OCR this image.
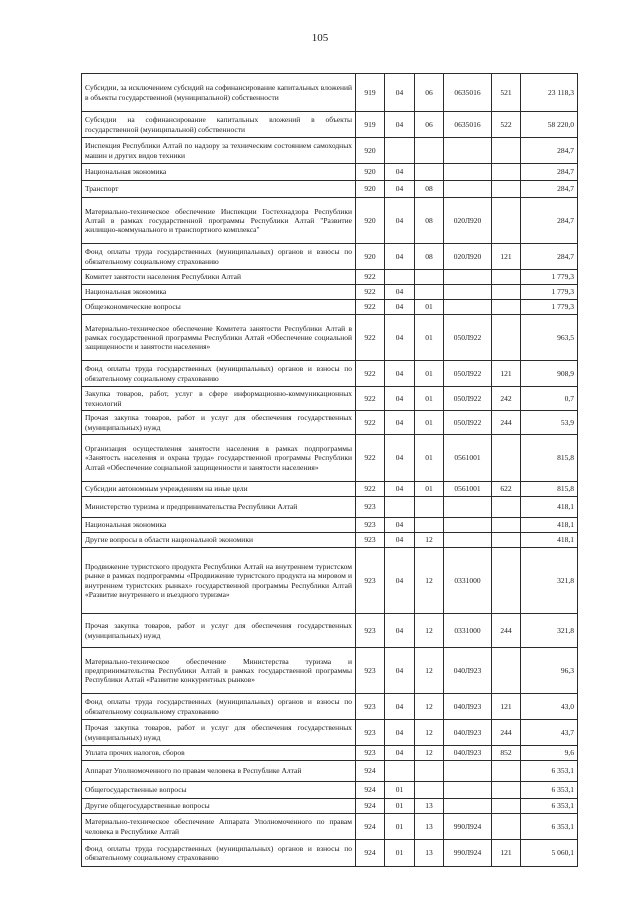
105
Субсидии, за исключением субсидий на софинансирование капитальных вложений в объекты государственной (муниципальной) собственности	919	04	06	0635016	521	23 118,3
Субсидии на софинансирование капитальных вложений в объекты государственной (муниципальной) собственности	919	04	06	0635016	522	58 220,0
Инспекция Республики Алтай по надзору за техническим состоянием самоходных машин и других видов техники	920					284,7
Национальная экономика	920	04				284,7
Транспорт	920	04	08			284,7
Материально-техническое обеспечение Инспекции Гостехнадзора Республики Алтай в рамках государственной программы Республики Алтай "Развитие жилищно-коммунального и транспортного комплекса"	920	04	08	020Л920		284,7
Фонд оплаты труда государственных (муниципальных) органов и взносы по обязательному социальному страхованию	920	04	08	020Л920	121	284,7
Комитет занятости населения Республики Алтай	922					1 779,3
Национальная экономика	922	04				1 779,3
Общеэкономические вопросы	922	04	01			1 779,3
Материально-техническое обеспечение Комитета занятости Республики Алтай в рамках государственной программы Республики Алтай «Обеспечение социальной защищенности и занятости населения»	922	04	01	050Л922		963,5
Фонд оплаты труда государственных (муниципальных) органов и взносы по обязательному социальному страхованию	922	04	01	050Л922	121	908,9
Закупка товаров, работ, услуг в сфере информационно-коммуникационных технологий	922	04	01	050Л922	242	0,7
Прочая закупка товаров, работ и услуг для обеспечения государственных (муниципальных) нужд	922	04	01	050Л922	244	53,9
Организация осуществления занятости населения в рамках подпрограммы «Занятость населения и охрана труда» государственной программы Республики Алтай «Обеспечение социальной защищенности и занятости населения»	922	04	01	0561001		815,8
Субсидии автономным учреждениям на иные цели	922	04	01	0561001	622	815,8
Министерство туризма и предпринимательства Республики Алтай	923					418,1
Национальная экономика	923	04				418,1
Другие вопросы в области национальной экономики	923	04	12			418,1
Продвижение туристского продукта Республики Алтай на внутреннем туристском рынке в рамках подпрограммы «Продвижение туристского продукта на мировом и внутреннем туристских рынках» государственной программы Республики Алтай «Развитие внутреннего и въездного туризма»	923	04	12	0331000		321,8
Прочая закупка товаров, работ и услуг для обеспечения государственных (муниципальных) нужд	923	04	12	0331000	244	321,8
Материально-техническое обеспечение Министерства туризма и предпринимательства Республики Алтай в рамках государственной программы Республики Алтай «Развитие конкурентных рынков»	923	04	12	040Л923		96,3
Фонд оплаты труда государственных (муниципальных) органов и взносы по обязательному социальному страхованию	923	04	12	040Л923	121	43,0
Прочая закупка товаров, работ и услуг для обеспечения государственных (муниципальных) нужд	923	04	12	040Л923	244	43,7
Уплата прочих налогов, сборов	923	04	12	040Л923	852	9,6
Аппарат Уполномоченного по правам человека в Республике Алтай	924					6 353,1
Общегосударственные вопросы	924	01				6 353,1
Другие общегосударственные вопросы	924	01	13			6 353,1
Материально-техническое обеспечение Аппарата Уполномоченного по правам человека в Республике Алтай	924	01	13	990Л924		6 353,1
Фонд оплаты труда государственных (муниципальных) органов и взносы по обязательному социальному страхованию	924	01	13	990Л924	121	5 060,1
